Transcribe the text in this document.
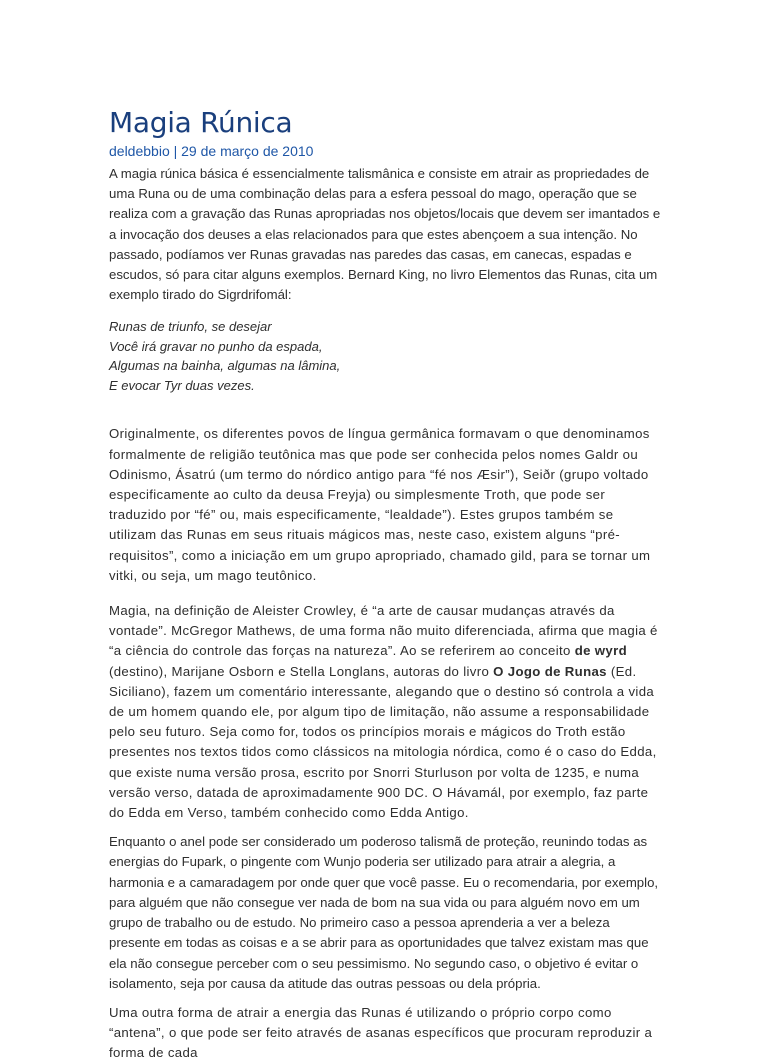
Magia Rúnica

deldebbio | 29 de março de 2010

A magia rúnica básica é essencialmente talismânica e consiste em atrair as propriedades de uma Runa ou de uma combinação delas para a esfera pessoal do mago, operação que se realiza com a gravação das Runas apropriadas nos objetos/locais que devem ser imantados e a invocação dos deuses a elas relacionados para que estes abençoem a sua intenção. No passado, podíamos ver Runas gravadas nas paredes das casas, em canecas, espadas e escudos, só para citar alguns exemplos. Bernard King, no livro Elementos das Runas, cita um exemplo tirado do Sigrdrifomál:

Runas de triunfo, se desejar
Você irá gravar no punho da espada,
Algumas na bainha, algumas na lâmina,
E evocar Tyr duas vezes.

Originalmente, os diferentes povos de língua germânica formavam o que denominamos formalmente de religião teutônica mas que pode ser conhecida pelos nomes Galdr ou Odinismo, Ásatrú (um termo do nórdico antigo para “fé nos Æsir”), Seiðr (grupo voltado especificamente ao culto da deusa Freyja) ou simplesmente Troth, que pode ser traduzido por “fé” ou, mais especificamente, “lealdade”). Estes grupos também se utilizam das Runas em seus rituais mágicos mas, neste caso, existem alguns “pré-requisitos”, como a iniciação em um grupo apropriado, chamado gild, para se tornar um vitki, ou seja, um mago teutônico.

Magia, na definição de Aleister Crowley, é “a arte de causar mudanças através da vontade”. McGregor Mathews, de uma forma não muito diferenciada, afirma que magia é “a ciência do controle das forças na natureza”. Ao se referirem ao conceito de wyrd (destino), Marijane Osborn e Stella Longlans, autoras do livro O Jogo de Runas (Ed. Siciliano), fazem um comentário interessante, alegando que o destino só controla a vida de um homem quando ele, por algum tipo de limitação, não assume a responsabilidade pelo seu futuro. Seja como for, todos os princípios morais e mágicos do Troth estão presentes nos textos tidos como clássicos na mitologia nórdica, como é o caso do Edda, que existe numa versão prosa, escrito por Snorri Sturluson por volta de 1235, e numa versão verso, datada de aproximadamente 900 DC. O Hávamál, por exemplo, faz parte do Edda em Verso, também conhecido como Edda Antigo.

Enquanto o anel pode ser considerado um poderoso talismã de proteção, reunindo todas as energias do Fupark, o pingente com Wunjo poderia ser utilizado para atrair a alegria, a harmonia e a camaradagem por onde quer que você passe. Eu o recomendaria, por exemplo, para alguém que não consegue ver nada de bom na sua vida ou para alguém novo em um grupo de trabalho ou de estudo. No primeiro caso a pessoa aprenderia a ver a beleza presente em todas as coisas e a se abrir para as oportunidades que talvez existam mas que ela não consegue perceber com o seu pessimismo. No segundo caso, o objetivo é evitar o isolamento, seja por causa da atitude das outras pessoas ou dela própria.

Uma outra forma de atrair a energia das Runas é utilizando o próprio corpo como “antena”, o que pode ser feito através de asanas específicos que procuram reproduzir a forma de cada
